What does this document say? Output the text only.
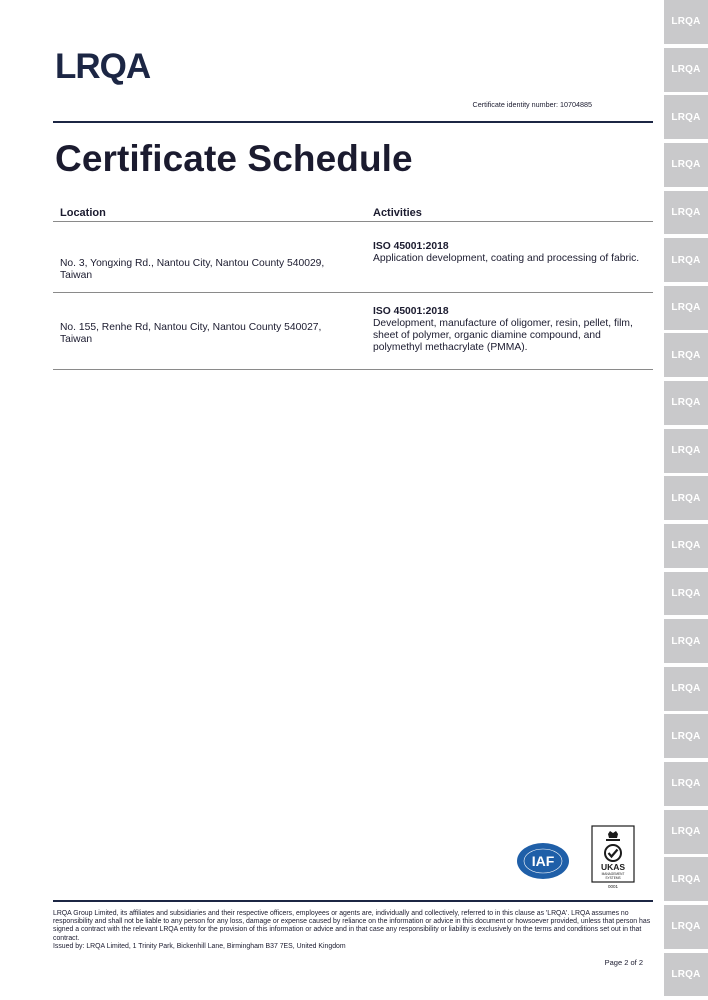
LRQA
LRQA
LRQA
LRQA
LRQA
LRQA
LRQA
LRQA
LRQA
LRQA
LRQA
LRQA
LRQA
LRQA
LRQA
LRQA
LRQA
LRQA
LRQA
LRQA
LRQA
LRQA
Certificate identity number: 10704885
Certificate Schedule
Location	Activities
No. 3, Yongxing Rd., Nantou City, Nantou County 540029, Taiwan
ISO 45001:2018
Application development, coating and processing of fabric.
No. 155, Renhe Rd, Nantou City, Nantou County 540027, Taiwan
ISO 45001:2018
Development, manufacture of oligomer, resin, pellet, film, sheet of polymer, organic diamine compound, and polymethyl methacrylate (PMMA).
IAF	UKAS
MANAGEMENT
SYSTEMS
0001
LRQA Group Limited, its affiliates and subsidiaries and their respective officers, employees or agents are, individually and collectively, referred to in this clause as 'LRQA'. LRQA assumes no responsibility and shall not be liable to any person for any loss, damage or expense caused by reliance on the information or advice in this document or howsoever provided, unless that person has signed a contract with the relevant LRQA entity for the provision of this information or advice and in that case any responsibility or liability is exclusively on the terms and conditions set out in that contract.
Issued by: LRQA Limited, 1 Trinity Park, Bickenhill Lane, Birmingham B37 7ES, United Kingdom
Page 2 of 2
